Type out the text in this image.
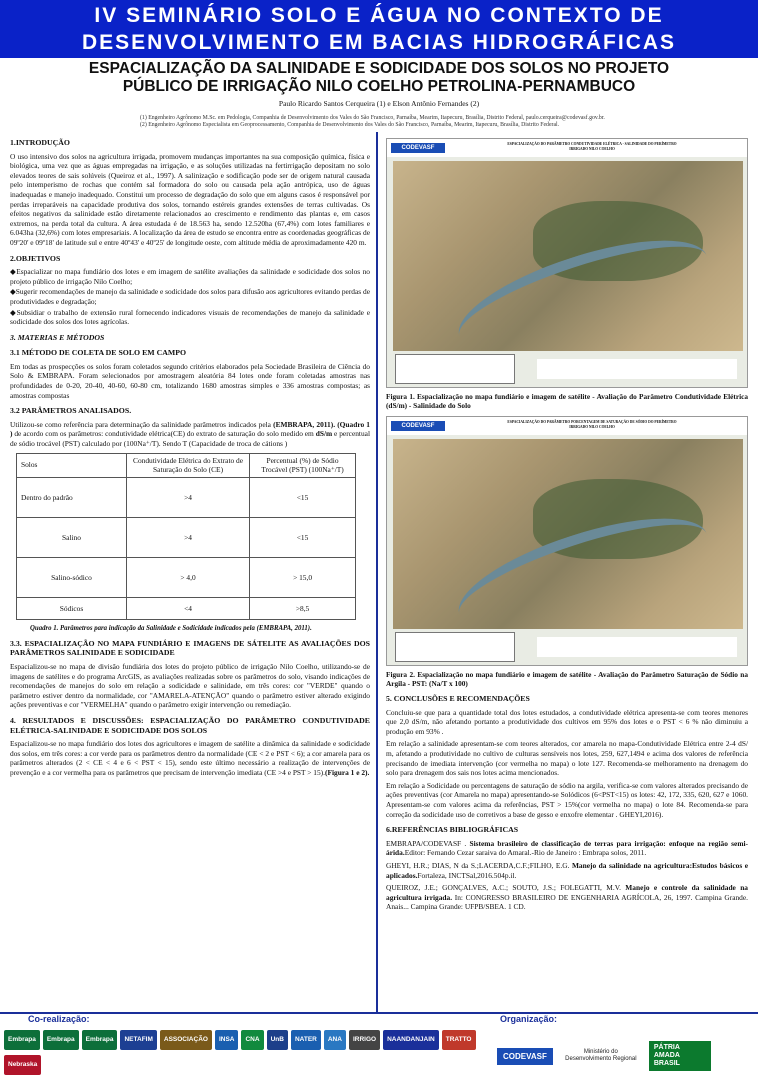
IV SEMINÁRIO SOLO E ÁGUA NO CONTEXTO DE
DESENVOLVIMENTO EM BACIAS HIDROGRÁFICAS
ESPACIALIZAÇÃO DA SALINIDADE E SODICIDADE DOS SOLOS NO PROJETO
PÚBLICO DE IRRIGAÇÃO NILO COELHO PETROLINA-PERNAMBUCO
Paulo Ricardo Santos Cerqueira (1) e Elson Antônio Fernandes (2)
(1) Engenheiro Agrônomo M.Sc. em Pedologia, Companhia de Desenvolvimento dos Vales do São Francisco, Parnaíba, Mearim, Itapecuru, Brasília, Distrito Federal, paulo.cerqueira@codevasf.gov.br.
(2) Engenheiro Agrônomo Especialista em Geoprocessamento, Companhia de Desenvolvimento dos Vales do São Francisco, Parnaíba, Mearim, Itapecuru, Brasília, Distrito Federal.
1.INTRODUÇÃO

O uso intensivo dos solos na agricultura irrigada, promovem mudanças importantes na sua composição química, física e biológica, uma vez que as águas empregadas na irrigação, e as soluções utilizadas na fertirrigação depositam no solo elevados teores de sais solúveis (Queiroz et al., 1997). A salinização e sodificação pode ser de origem natural causada pelo intemperismo de rochas que contém sal formadora do solo ou causada pela ação antrópica, uso de águas inadequadas e manejo inadequado. Constitui um processo de degradação do solo que em alguns casos é responsável por perdas irreparáveis na capacidade produtiva dos solos, tornando estéreis grandes extensões de terras cultivadas. Os efeitos negativos da salinidade estão diretamente relacionados ao crescimento e rendimento das plantas e, em casos extremos, na perda total da cultura. A área estudada é de 18.563 ha, sendo 12.520ha (67,4%) com lotes familiares e 6.043ha (32,6%) com lotes empresariais. A localização da área de estudo se encontra entre as coordenadas geográficas de 09º20' e 09º18' de latitude sul e entre 40º43' e 40º25' de longitude oeste, com altitude média de aproximadamente 420 m.

2.OBJETIVOS

◆Espacializar no mapa fundiário dos lotes e em imagem de satélite avaliações da salinidade e sodicidade dos solos no projeto público de irrigação Nilo Coelho;

◆Sugerir recomendações de manejo da salinidade e sodicidade dos solos para difusão aos agricultores evitando perdas de produtividades e degradação;

◆Subsidiar o trabalho de extensão rural fornecendo indicadores visuais de recomendações de manejo da salinidade e sodicidade dos solos dos lotes agrícolas.

3. MATERIAS E MÉTODOS
3.1 MÉTODO DE COLETA DE SOLO EM CAMPO

Em todas as prospecções os solos foram coletados segundo critérios elaborados pela Sociedade Brasileira de Ciência do Solo & EMBRAPA. Foram selecionados por amostragem aleatória 84 lotes onde foram coletadas amostras nas profundidades de 0-20, 20-40, 40-60, 60-80 cm, totalizando 1680 amostras simples e 336 amostras compostas; as amostras compostas

3.2 PARÂMETROS ANALISADOS.

Utilizou-se como referência para determinação da salinidade parâmetros indicados pela (EMBRAPA, 2011). (Quadro 1 ) de acordo com os parâmetros: condutividade elétrica(CE) do extrato de saturação do solo medido em dS/m e percentual de sódio trocável (PST) calculado por (100Na⁺/T). Sendo T (Capacidade de troca de cátions )

Solos	Condutividade Elétrica do Extrato de Saturação do Solo (CE)	Percentual (%) de Sódio Trocável (PST) (100Na⁺/T)
Dentro do padrão	>4	<15
Salino	>4	<15
Salino-sódico	> 4,0	> 15,0
Sódicos	<4	>8,5
Quadro 1. Parâmetros para indicação da Salinidade e Sodicidade indicados pela (EMBRAPA, 2011).
3.3. ESPACIALIZAÇÃO NO MAPA FUNDIÁRIO E IMAGENS DE SÁTELITE AS AVALIAÇÕES DOS PARÂMETROS SALINIDADE E SODICIDADE

Espacializou-se no mapa de divisão fundiária dos lotes do projeto público de irrigação Nilo Coelho, utilizando-se de imagens de satélites e do programa ArcGIS, as avaliações realizadas sobre os parâmetros do solo, visando indicações de recomendações de manejos do solo em relação a sodicidade e salinidade, em três cores: cor "VERDE" quando o parâmetro estiver dentro da normalidade, cor "AMARELA-ATENÇÃO" quando o parâmetro estiver alterado exigindo ações preventivas e cor "VERMELHA" quando o parâmetro exigir intervenção ou remediação.

4. RESULTADOS E DISCUSSÕES: ESPACIALIZAÇÃO DO PARÂMETRO CONDUTIVIDADE ELÉTRICA-SALINIDADE E SODICIDADE DOS SOLOS

Espacializou-se no mapa fundiário dos lotes dos agricultores e imagem de satélite a dinâmica da salinidade e sodicidade dos solos, em três cores: a cor verde para os parâmetros dentro da normalidade (CE < 2 e PST < 6); a cor amarela para os parâmetros alterados (2 < CE < 4 e 6 < PST < 15), sendo este último necessário a realização de intervenções de prevenção e a cor vermelha para os parâmetros que precisam de intervenção imediata (CE >4 e PST > 15).(Figura 1 e 2).

CODEVASF
ESPACIALIZAÇÃO DO PARÂMETRO CONDUTIVIDADE ELÉTRICA - SALINIDADE DO PERÍMETRO IRRIGADO NILO COELHO
Figura 1. Espacialização no mapa fundiário e imagem de satélite - Avaliação do Parâmetro Condutividade Elétrica (dS/m) - Salinidade do Solo
CODEVASF
ESPACIALIZAÇÃO DO PARÂMETRO PORCENTAGEM DE SATURAÇÃO DE SÓDIO DO PERÍMETRO IRRIGADO NILO COELHO
Figura 2. Espacialização no mapa fundiário e imagem de satélite - Avaliação do Parâmetro Saturação de Sódio na Argila - PST: (Na/T x 100)
5. CONCLUSÕES E RECOMENDAÇÕES

Concluiu-se que para a quantidade total dos lotes estudados, a condutividade elétrica apresenta-se com teores menores que 2,0 dS/m, não afetando portanto a produtividade dos cultivos em 95% dos lotes e o PST < 6 % não diminuiu a produção em 93% .

Em relação a salinidade apresentam-se com teores alterados, cor amarela no mapa-Condutividade Elétrica entre 2-4 dS/ m, afetando a produtividade no cultivo de culturas sensíveis nos lotes, 259, 627,1494 e acima dos valores de referência precisando de imediata intervenção (cor vermelha no mapa) o lote 127. Recomenda-se melhoramento na drenagem do solo para drenagem dos sais nos lotes acima mencionados.

Em relação a Sodicidade ou percentagens de saturação de sódio na argila, verifica-se com valores alterados precisando de ações preventivas (cor Amarela no mapa) apresentando-se Solódicos (6<PST<15) os lotes: 42, 172, 335, 620, 627 e 1060. Apresentam-se com valores acima da referências, PST > 15%(cor vermelha no mapa) o lote 84. Recomenda-se para correção da sodicidade uso de corretivos a base de gesso e enxofre elementar . GHEYI,2016).

6.REFERÊNCIAS BIBLIOGRÁFICAS

EMBRAPA/CODEVASF . Sistema brasileiro de classificação de terras para irrigação: enfoque na região semi-árida.Editor: Fernando Cezar saraiva do Amaral.-Rio de Janeiro : Embrapa solos, 2011.

GHEYI, H.R.; DIAS, N da S.;LACERDA,C.F.;FILHO, E.G. Manejo da salinidade na agricultura:Estudos básicos e aplicados.Fortaleza, INCTSal,2016.504p.il.

QUEIROZ, J.E.; GONÇALVES, A.C.; SOUTO, J.S.; FOLEGATTI, M.V. Manejo e controle da salinidade na agricultura irrigada. In: CONGRESSO BRASILEIRO DE ENGENHARIA AGRÍCOLA, 26, 1997. Campina Grande. Anais... Campina Grande: UFPB/SBEA. 1 CD.

Co-realização:	Organização:
Embrapa	Embrapa	Embrapa	NETAFIM	ASSOCIAÇÃO	INSA	CNA	UnB	NATER	ANA	IRRIGO	NAANDANJAIN	TRATTO
Nebraska
CODEVASF	Ministério do Desenvolvimento Regional
PÁTRIA AMADA BRASIL
